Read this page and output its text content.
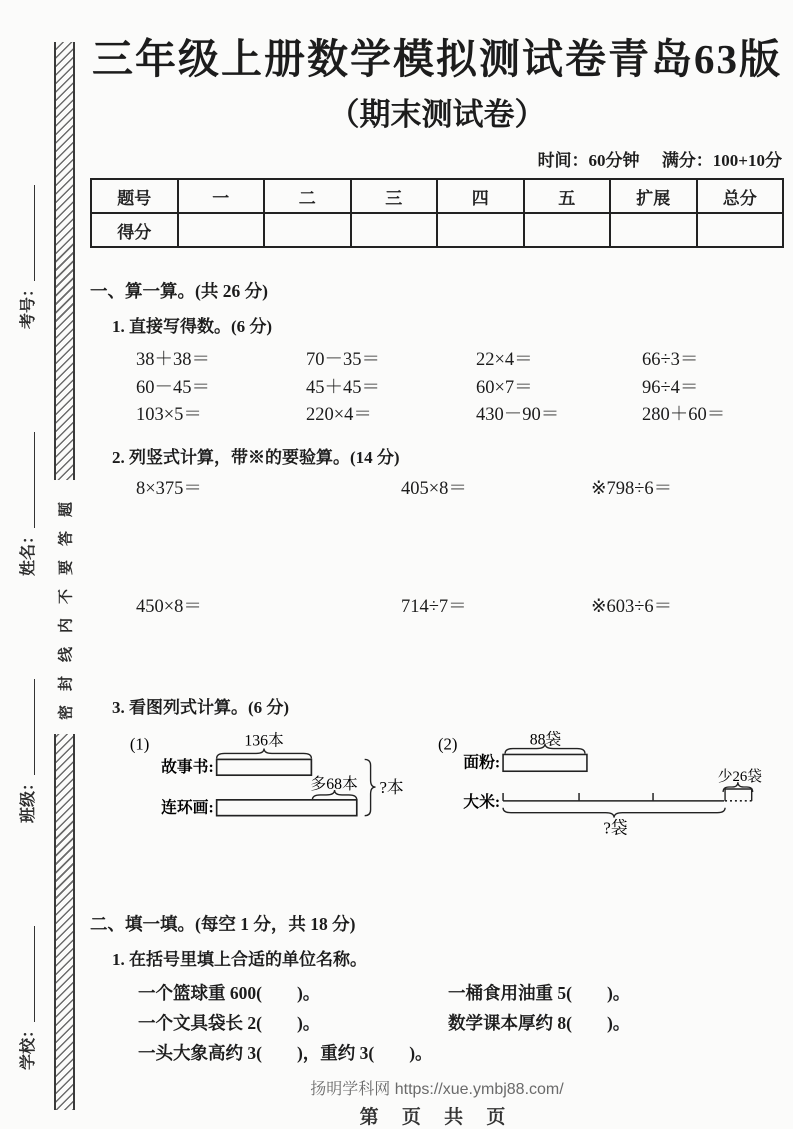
学校：
班级：
姓名：
考号：
密封线内不要答题
三年级上册数学模拟测试卷青岛63版
（期末测试卷）
时间：60分钟 满分：100+10分
题号	一	二	三	四	五	扩展	总分
得分							
一、算一算。(共 26 分)
1. 直接写得数。(6 分)
38＋38＝	70－35＝	22×4＝	66÷3＝
60－45＝	45＋45＝	60×7＝	96÷4＝
103×5＝	220×4＝	430－90＝	280＋60＝
2. 列竖式计算，带※的要验算。(14 分)
8×375＝	405×8＝	※798÷6＝
450×8＝	714÷7＝	※603÷6＝
3. 看图列式计算。(6 分)
(1)	136本
故事书:
多68本
连环画:
?本
(2)	88袋
面粉:
少26袋
大米:
?袋
二、填一填。(每空 1 分，共 18 分)
1. 在括号里填上合适的单位名称。
一个篮球重 600(　　)。	一桶食用油重 5(　　)。
一个文具袋长 2(　　)。	数学课本厚约 8(　　)。
一头大象高约 3(　　)，重约 3(　　)。
扬明学科网 https://xue.ymbj88.com/
第 页 共 页
